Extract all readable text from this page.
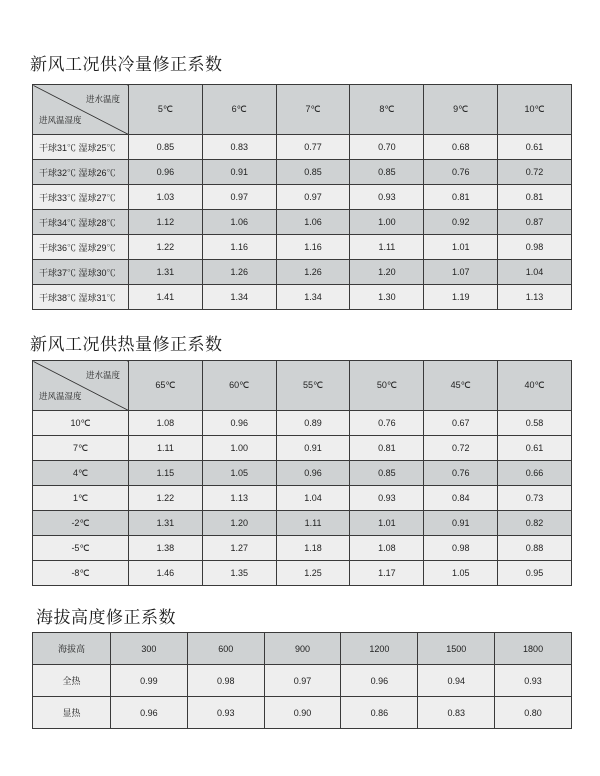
新风工况供冷量修正系数
进水温度
进风温湿度	5℃	6℃	7℃	8℃	9℃	10℃
干球31℃ 湿球25℃	0.85	0.83	0.77	0.70	0.68	0.61
干球32℃ 湿球26℃	0.96	0.91	0.85	0.85	0.76	0.72
干球33℃ 湿球27℃	1.03	0.97	0.97	0.93	0.81	0.81
干球34℃ 湿球28℃	1.12	1.06	1.06	1.00	0.92	0.87
干球36℃ 湿球29℃	1.22	1.16	1.16	1.11	1.01	0.98
干球37℃ 湿球30℃	1.31	1.26	1.26	1.20	1.07	1.04
干球38℃ 湿球31℃	1.41	1.34	1.34	1.30	1.19	1.13
新风工况供热量修正系数
进水温度
进风温湿度	65℃	60℃	55℃	50℃	45℃	40℃
10℃	1.08	0.96	0.89	0.76	0.67	0.58
7℃	1.11	1.00	0.91	0.81	0.72	0.61
4℃	1.15	1.05	0.96	0.85	0.76	0.66
1℃	1.22	1.13	1.04	0.93	0.84	0.73
-2℃	1.31	1.20	1.11	1.01	0.91	0.82
-5℃	1.38	1.27	1.18	1.08	0.98	0.88
-8℃	1.46	1.35	1.25	1.17	1.05	0.95
海拔高度修正系数
海拔高	300	600	900	1200	1500	1800
全热	0.99	0.98	0.97	0.96	0.94	0.93
显热	0.96	0.93	0.90	0.86	0.83	0.80
